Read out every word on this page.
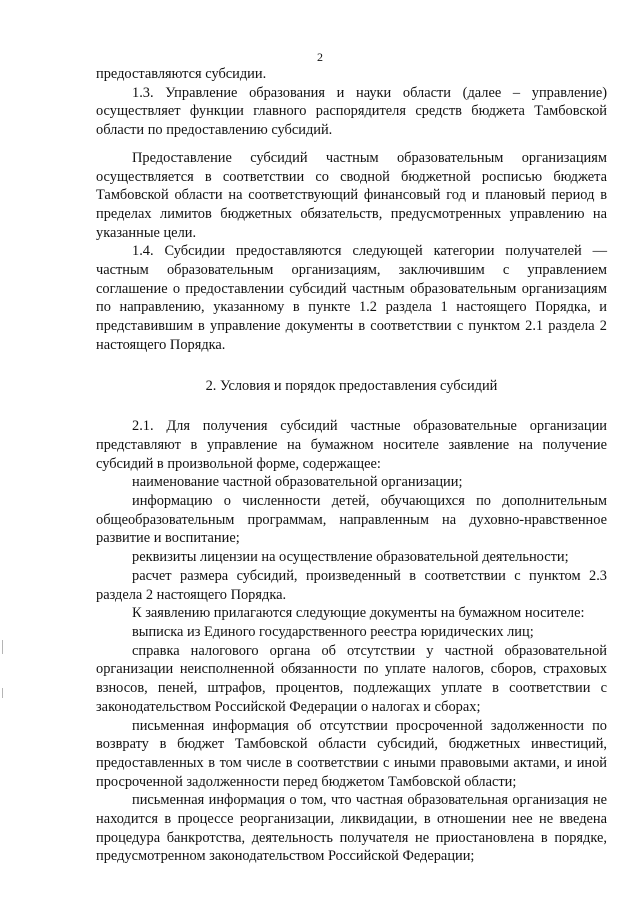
2

предоставляются субсидии.

1.3. Управление образования и науки области (далее – управление) осуществляет функции главного распорядителя средств бюджета Тамбовской области по предоставлению субсидий.

Предоставление субсидий частным образовательным организациям осуществляется в соответствии со сводной бюджетной росписью бюджета Тамбовской области на соответствующий финансовый год и плановый период в пределах лимитов бюджетных обязательств, предусмотренных управлению на указанные цели.

1.4. Субсидии предоставляются следующей категории получателей — частным образовательным организациям, заключившим с управлением соглашение о предоставлении субсидий частным образовательным организациям по направлению, указанному в пункте 1.2 раздела 1 настоящего Порядка, и представившим в управление документы в соответствии с пунктом 2.1 раздела 2 настоящего Порядка.

2. Условия и порядок предоставления субсидий

2.1. Для получения субсидий частные образовательные организации представляют в управление на бумажном носителе заявление на получение субсидий в произвольной форме, содержащее:

наименование частной образовательной организации;

информацию о численности детей, обучающихся по дополнительным общеобразовательным программам, направленным на духовно-нравственное развитие и воспитание;

реквизиты лицензии на осуществление образовательной деятельности;

расчет размера субсидий, произведенный в соответствии с пунктом 2.3 раздела 2 настоящего Порядка.

К заявлению прилагаются следующие документы на бумажном носителе:

выписка из Единого государственного реестра юридических лиц;

справка налогового органа об отсутствии у частной образовательной организации неисполненной обязанности по уплате налогов, сборов, страховых взносов, пеней, штрафов, процентов, подлежащих уплате в соответствии с законодательством Российской Федерации о налогах и сборах;

письменная информация об отсутствии просроченной задолженности по возврату в бюджет Тамбовской области субсидий, бюджетных инвестиций, предоставленных в том числе в соответствии с иными правовыми актами, и иной просроченной задолженности перед бюджетом Тамбовской области;

письменная информация о том, что частная образовательная организация не находится в процессе реорганизации, ликвидации, в отношении нее не введена процедура банкротства, деятельность получателя не приостановлена в порядке, предусмотренном законодательством Российской Федерации;
